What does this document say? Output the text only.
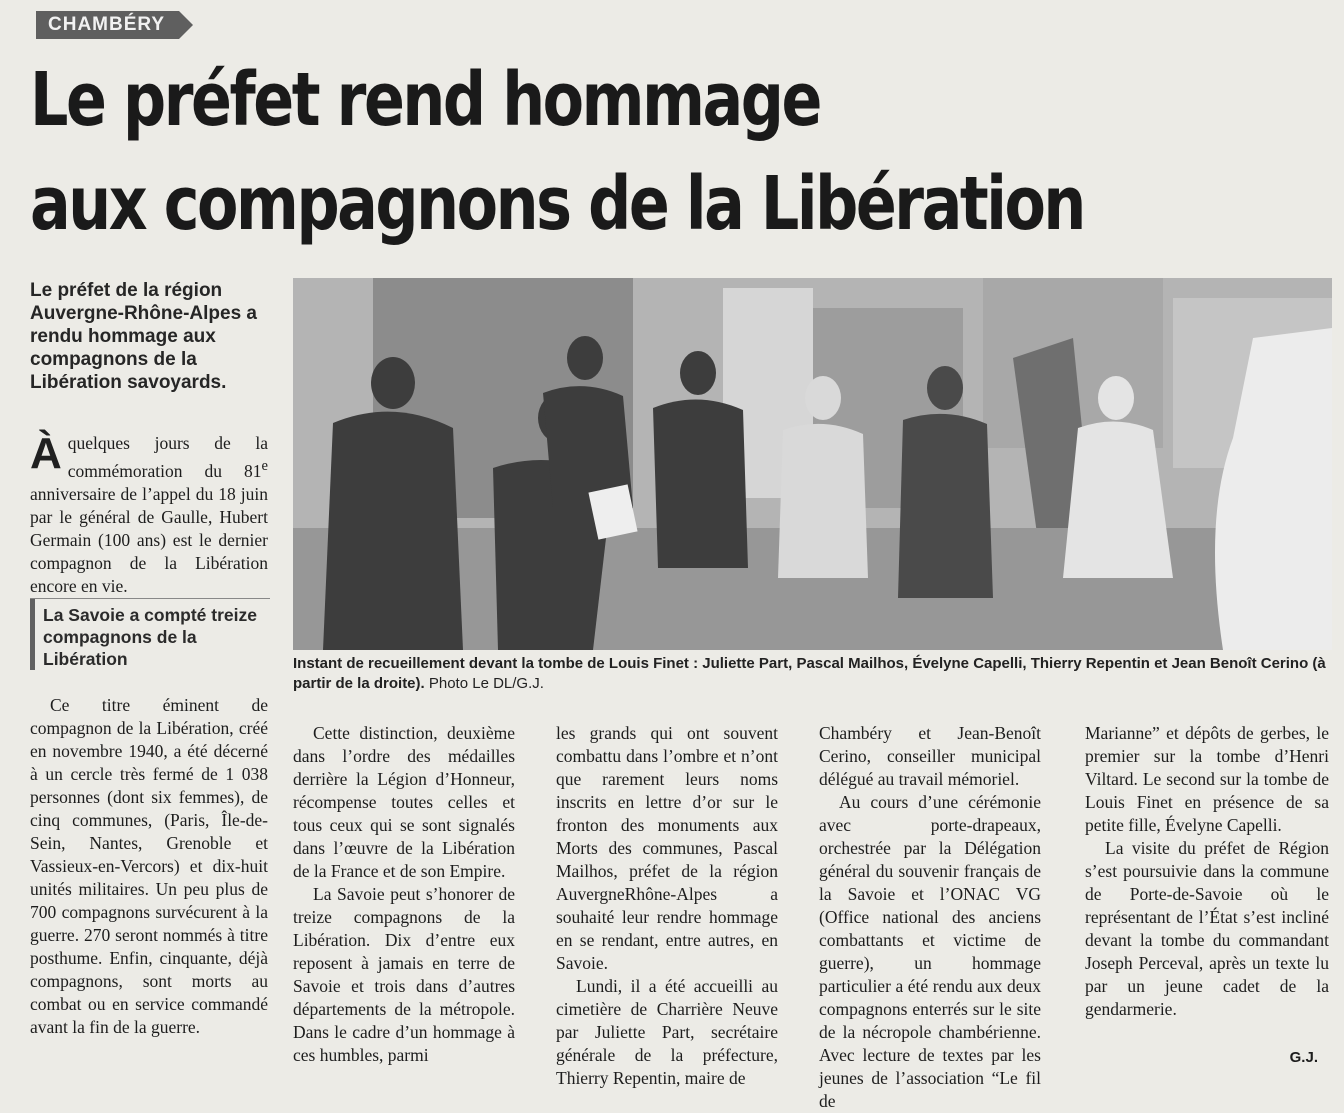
CHAMBÉRY
Le préfet rend hommage
aux compagnons de la Libération

Le préfet de la région Auvergne-Rhône-Alpes a rendu hommage aux compagnons de la Libération savoyards.

Àquelques jours de la commémoration du 81e anniversaire de l’appel du 18 juin par le général de Gaulle, Hubert Germain (100 ans) est le dernier compagnon de la Libération encore en vie.

La Savoie a compté treize compagnons de la Libération	Instant de recueillement devant la tombe de Louis Finet : Juliette Part, Pascal Mailhos, Évelyne Capelli, Thierry Repentin et Jean Benoît Cerino (à partir de la droite). Photo Le DL/G.J.

Ce titre éminent de compagnon de la Libération, créé en novembre 1940, a été décerné à un cercle très fermé de 1 038 personnes (dont six femmes), de cinq communes, (Paris, Île-de-Sein, Nantes, Grenoble et Vassieux-en-Vercors) et dix-huit unités militaires. Un peu plus de 700 compagnons survécurent à la guerre. 270 seront nommés à titre posthume. Enfin, cinquante, déjà compagnons, sont morts au combat ou en service commandé avant la fin de la guerre.

Cette distinction, deuxième dans l’ordre des médailles derrière la Légion d’Honneur, récompense toutes celles et tous ceux qui se sont signalés dans l’œuvre de la Libération de la France et de son Empire.

La Savoie peut s’honorer de treize compagnons de la Libération. Dix d’entre eux reposent à jamais en terre de Savoie et trois dans d’autres départements de la métropole. Dans le cadre d’un hommage à ces humbles, parmi

les grands qui ont souvent combattu dans l’ombre et n’ont que rarement leurs noms inscrits en lettre d’or sur le fronton des monuments aux Morts des communes, Pascal Mailhos, préfet de la région AuvergneRhône-Alpes a souhaité leur rendre hommage en se rendant, entre autres, en Savoie.

Lundi, il a été accueilli au cimetière de Charrière Neuve par Juliette Part, secrétaire générale de la préfecture, Thierry Repentin, maire de

Chambéry et Jean-Benoît Cerino, conseiller municipal délégué au travail mémoriel.

Au cours d’une cérémonie avec porte-drapeaux, orchestrée par la Délégation général du souvenir français de la Savoie et l’ONAC VG (Office national des anciens combattants et victime de guerre), un hommage particulier a été rendu aux deux compagnons enterrés sur le site de la nécropole chambérienne. Avec lecture de textes par les jeunes de l’association “Le fil de

Marianne” et dépôts de gerbes, le premier sur la tombe d’Henri Viltard. Le second sur la tombe de Louis Finet en présence de sa petite fille, Évelyne Capelli.

La visite du préfet de Région s’est poursuivie dans la commune de Porte-de-Savoie où le représentant de l’État s’est incliné devant la tombe du commandant Joseph Perceval, après un texte lu par un jeune cadet de la gendarmerie.

G.J.
